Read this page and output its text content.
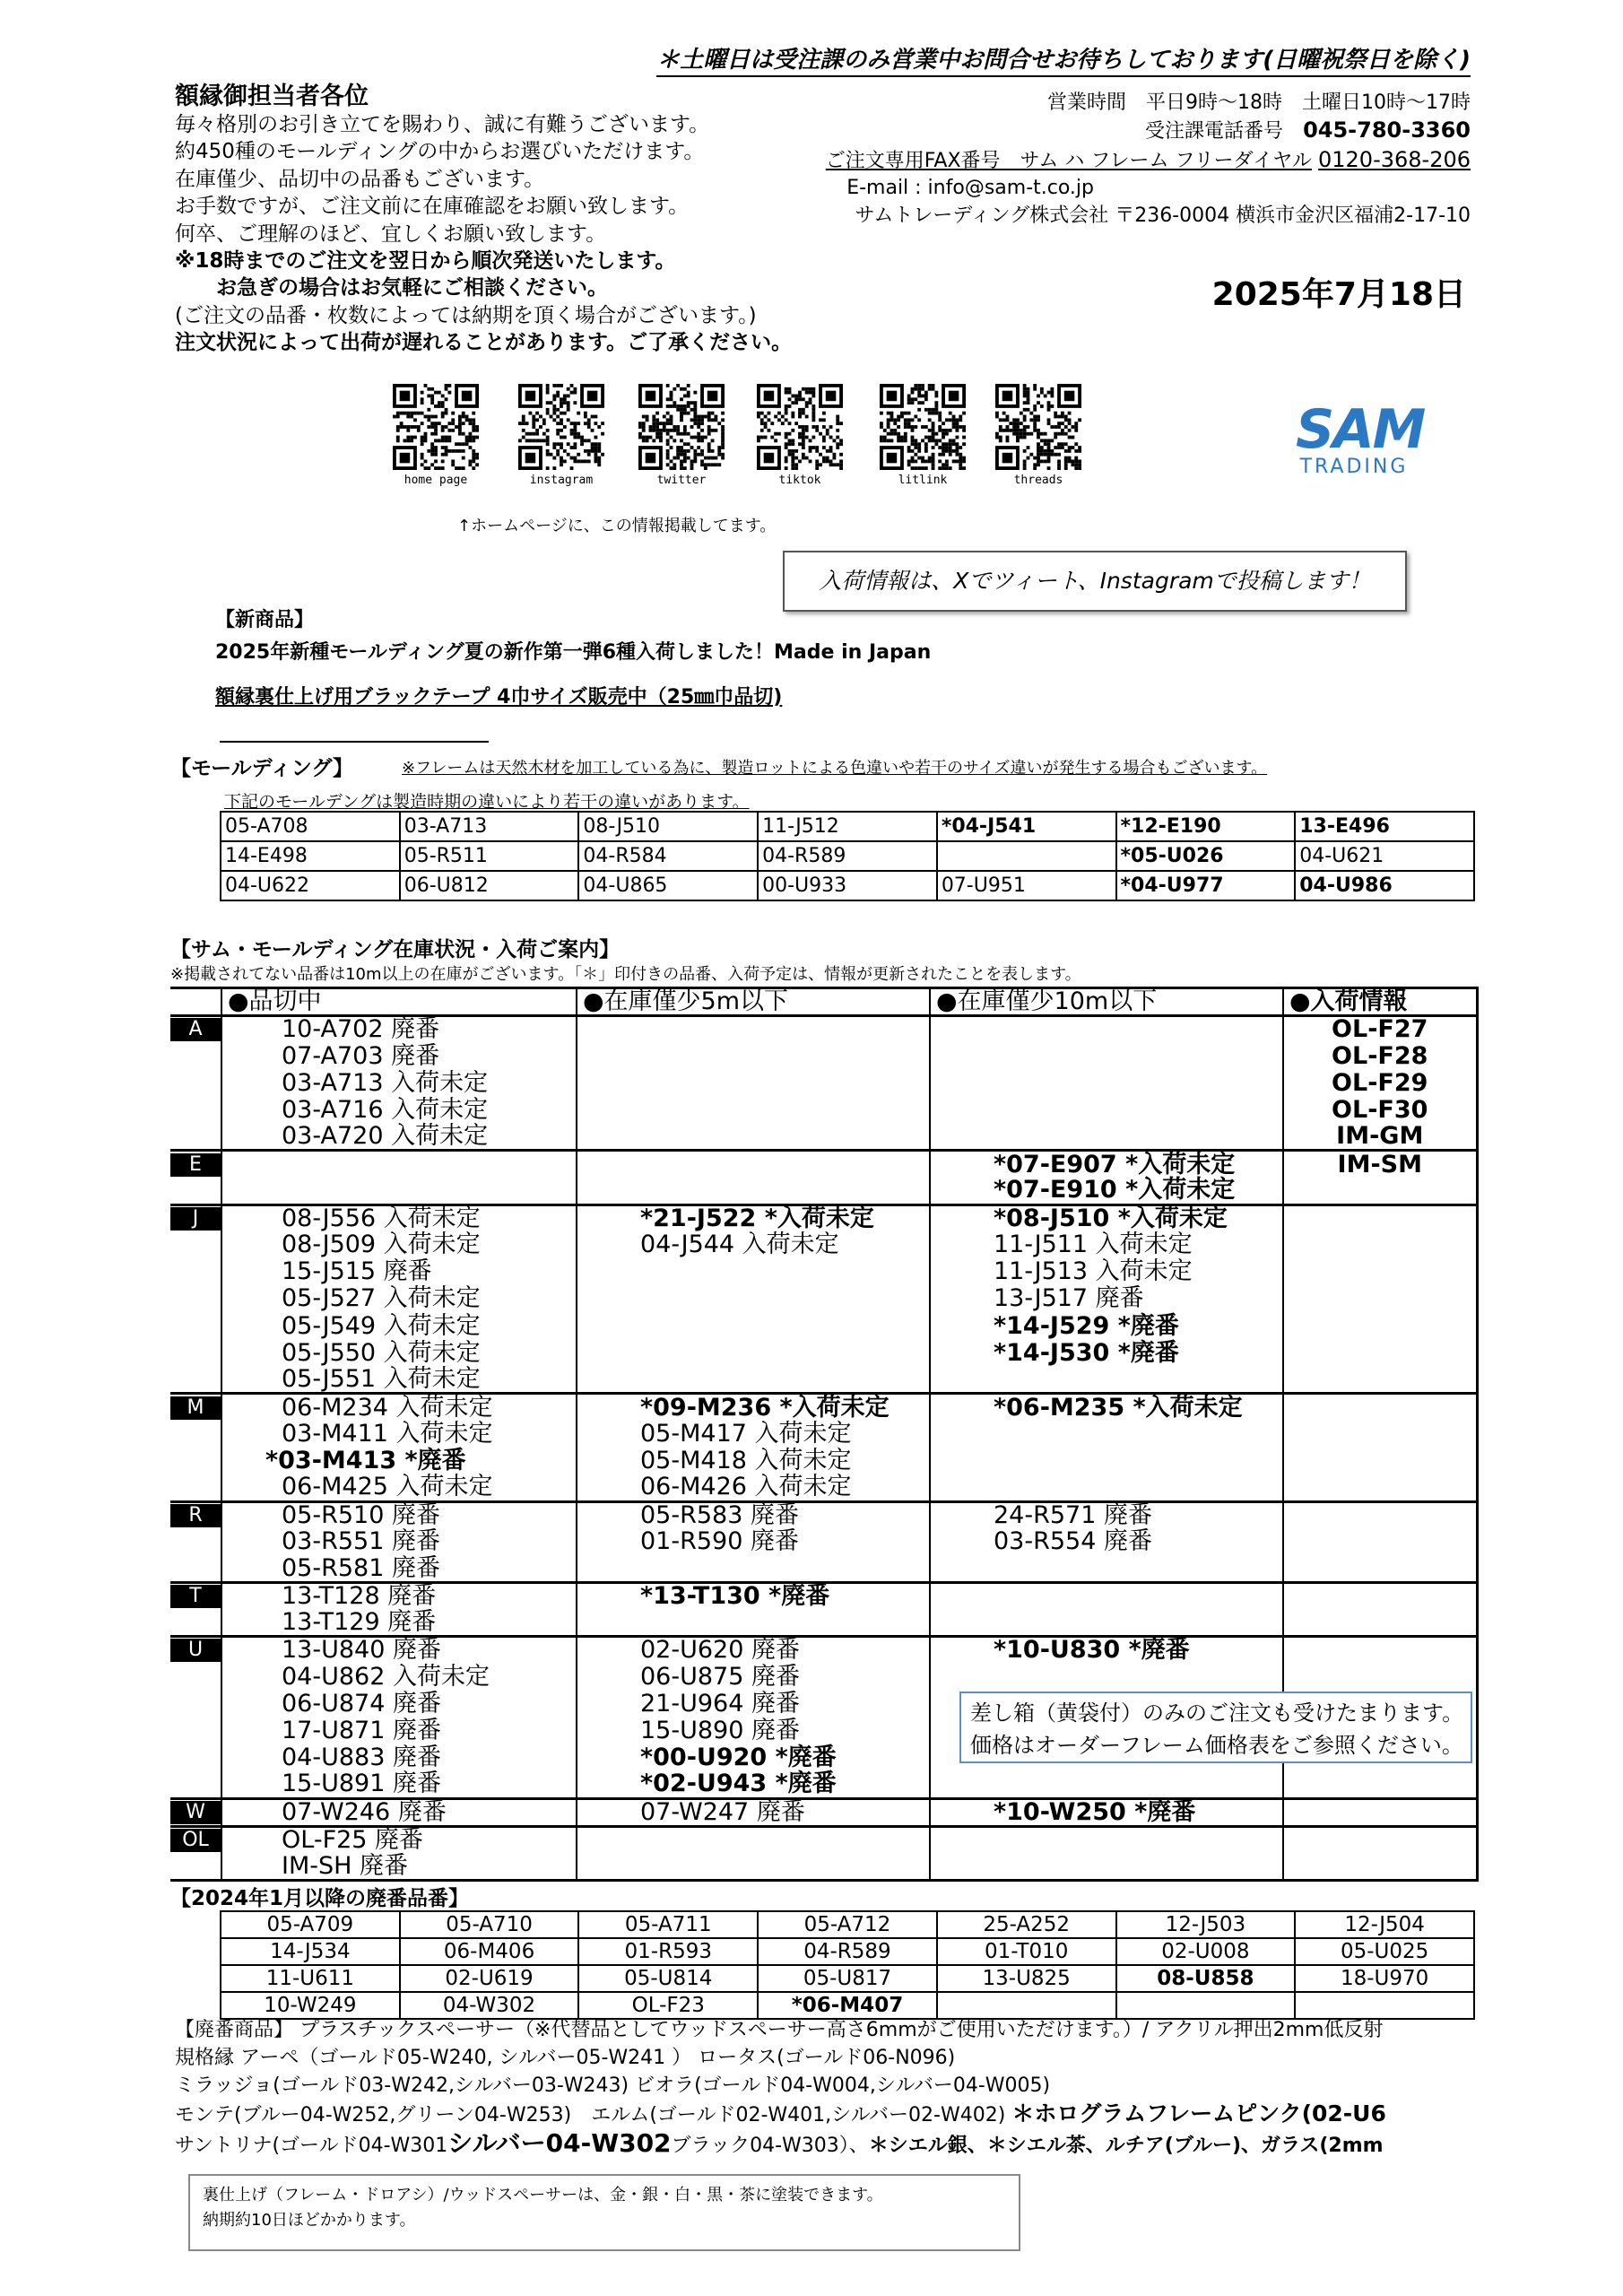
＊土曜日は受注課のみ営業中お問合せお待ちしております(日曜祝祭日を除く)
額縁御担当者各位
毎々格別のお引き立てを賜わり、誠に有難うございます。
約450種のモールディングの中からお選びいただけます。
在庫僅少、品切中の品番もございます。
お手数ですが、ご注文前に在庫確認をお願い致します。
何卒、ご理解のほど、宜しくお願い致します。
※18時までのご注文を翌日から順次発送いたします。
お急ぎの場合はお気軽にご相談ください。
(ご注文の品番・枚数によっては納期を頂く場合がございます。)
注文状況によって出荷が遅れることがあります。ご了承ください。
営業時間　平日9時～18時　土曜日10時～17時
受注課電話番号　 045-780-3360　　　　　　　
ご注文専用FAX番号　サム ハ フレーム フリーダイヤル 0120-368-206
E-mail : info@sam-t.co.jp
サムトレーディング株式会社 〒236-0004 横浜市金沢区福浦2-17-10
2025年7月18日
home page	instagram	twitter	tiktok	litlink	threads
SAM
TRADING
↑ホームページに、この情報掲載してます。
入荷情報は、Xでツィート、Instagramで投稿します！
【新商品】
2025年新種モールディング夏の新作第一弾6種入荷しました！Made in Japan
額縁裏仕上げ用ブラックテープ 4巾サイズ販売中（25㎜巾品切)
【モールディング】	※フレームは天然木材を加工している為に、製造ロットによる色違いや若干のサイズ違いが発生する場合もございます。
下記のモールデングは製造時期の違いにより若干の違いがあります。
05-A708	03-A713	08-J510	11-J512	*04-J541	*12-E190	13-E496
14-E498	05-R511	04-R584	04-R589		*05-U026	04-U621
04-U622	06-U812	04-U865	00-U933	07-U951	*04-U977	04-U986
【サム・モールディング在庫状況・入荷ご案内】
※掲載されてない品番は10m以上の在庫がございます。「＊」印付きの品番、入荷予定は、情報が更新されたことを表します。
	●品切中	●在庫僅少5m以下	●在庫僅少10m以下	●入荷情報
A	10-A702 廃番			OL-F27
	07-A703 廃番			OL-F28
	03-A713 入荷未定			OL-F29
	03-A716 入荷未定			OL-F30
	03-A720 入荷未定			IM-GM
E			*07-E907 *入荷未定	IM-SM
			*07-E910 *入荷未定	
J	08-J556 入荷未定	*21-J522 *入荷未定	*08-J510 *入荷未定	
	08-J509 入荷未定	04-J544 入荷未定	11-J511 入荷未定	
	15-J515 廃番		11-J513 入荷未定	
	05-J527 入荷未定		13-J517 廃番	
	05-J549 入荷未定		*14-J529 *廃番	
	05-J550 入荷未定		*14-J530 *廃番	
	05-J551 入荷未定			
M	06-M234 入荷未定	*09-M236 *入荷未定	*06-M235 *入荷未定	
	03-M411 入荷未定	05-M417 入荷未定		
	*03-M413 *廃番	05-M418 入荷未定		
	06-M425 入荷未定	06-M426 入荷未定		
R	05-R510 廃番	05-R583 廃番	24-R571 廃番	
	03-R551 廃番	01-R590 廃番	03-R554 廃番	
	05-R581 廃番			
T	13-T128 廃番	*13-T130 *廃番		
	13-T129 廃番			
U	13-U840 廃番	02-U620 廃番	*10-U830 *廃番	
	04-U862 入荷未定	06-U875 廃番		
	06-U874 廃番	21-U964 廃番		
	17-U871 廃番	15-U890 廃番		
	04-U883 廃番	*00-U920 *廃番		
	15-U891 廃番	*02-U943 *廃番		
W	07-W246 廃番	07-W247 廃番	*10-W250 *廃番	
OL	OL-F25 廃番			
	IM-SH 廃番			
差し箱（黄袋付）のみのご注文も受けたまります。
価格はオーダーフレーム価格表をご参照ください。
【2024年1月以降の廃番品番】
05-A709	05-A710	05-A711	05-A712	25-A252	12-J503	12-J504
14-J534	06-M406	01-R593	04-R589	01-T010	02-U008	05-U025
11-U611	02-U619	05-U814	05-U817	13-U825	08-U858	18-U970
10-W249	04-W302	OL-F23	*06-M407			
【廃番商品】 プラスチックスペーサー（※代替品としてウッドスペーサー高さ6mmがご使用いただけます。）/ アクリル押出2mm低反射
規格縁 アーペ（ゴールド05-W240, シルバー05-W241 ） ロータス(ゴールド06-N096)
ミラッジョ(ゴールド03-W242,シルバー03-W243) ビオラ(ゴールド04-W004,シルバー04-W005)
モンテ(ブルー04-W252,グリーン04-W253)　エルム(ゴールド02-W401,シルバー02-W402) ＊ホログラムフレームピンク(02-U6
サントリナ(ゴールド04-W301シルバー04-W302ブラック04-W303）、＊シエル銀、＊シエル茶、ルチア(ブルー)、ガラス(2mm
裏仕上げ（フレーム・ドロアシ）/ウッドスペーサーは、金・銀・白・黒・茶に塗装できます。
納期約10日ほどかかります。
